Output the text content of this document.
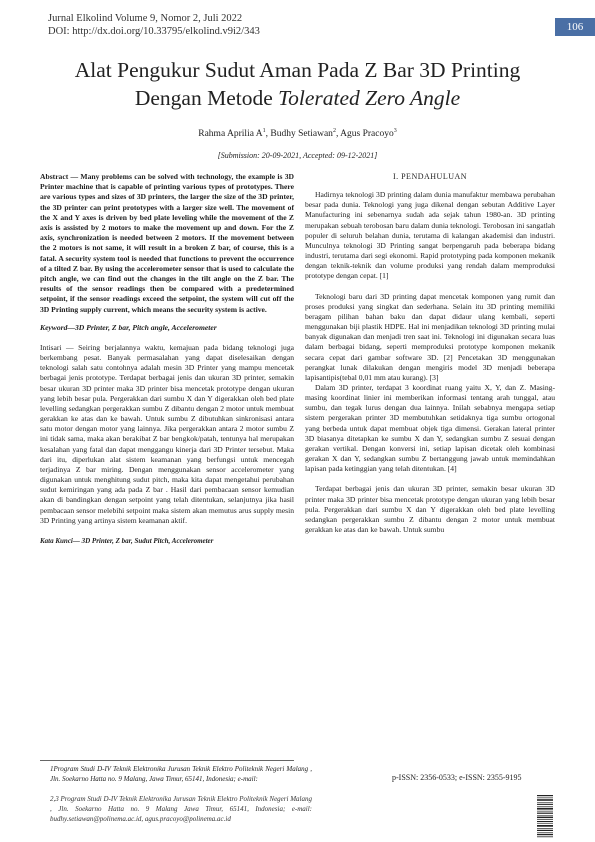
Jurnal Elkolind Volume 9, Nomor 2, Juli 2022
DOI: http://dx.doi.org/10.33795/elkolind.v9i2/343	106
Alat Pengukur Sudut Aman Pada Z Bar 3D Printing
Dengan Metode Tolerated Zero Angle
Rahma Aprilia $A^1$, Budhy Setiawan$^2$, Agus Pracoyo$^3$
[Submission: 20-09-2021, Accepted: 09-12-2021]
Abstract — Many problems can be solved with technology, the example is 3D Printer machine that is capable of printing various types of prototypes. There are various types and sizes of 3D printers, the larger the size of the 3D printer, the 3D printer can print prototypes with a larger size well. The movement of the X and Y axes is driven by bed plate leveling while the movement of the Z axis is assisted by 2 motors to make the movement up and down. For the Z axis, synchronization is needed between 2 motors. If the movement between the 2 motors is not same, it will result in a broken Z bar, of course, this is a fatal. A security system tool is needed that functions to prevent the occurrence of a tilted Z bar. By using the accelerometer sensor that is used to calculate the pitch angle, we can find out the changes in the tilt angle on the Z bar. The results of the sensor readings then be compared with a predetermined setpoint, if the sensor readings exceed the setpoint, the system will cut off the 3D Printing supply current, which means the security system is active.
Keyword—3D Printer, Z bar, Pitch angle, Accelerometer

Intisari — Seiring berjalannya waktu, kemajuan pada bidang teknologi juga berkembang pesat. Banyak permasalahan yang dapat diselesaikan dengan teknologi salah satu contohnya adalah mesin 3D Printer yang mampu mencetak berbagai jenis prototype. Terdapat berbagai jenis dan ukuran 3D printer, semakin besar ukuran 3D printer maka 3D printer bisa mencetak prototype dengan ukuran yang lebih besar pula. Pergerakkan dari sumbu X dan Y digerakkan oleh bed plate levelling sedangkan pergerakkan sumbu Z dibantu dengan 2 motor untuk membuat gerakkan ke atas dan ke bawah. Untuk sumbu Z dibutuhkan sinkronisasi antara satu motor dengan motor yang lainnya. Jika pergerakkan antara 2 motor sumbu Z ini tidak sama, maka akan berakibat Z bar bengkok/patah, tentunya hal merupakan kesalahan yang fatal dan dapat menggangu kinerja dari 3D Printer tersebut. Maka dari itu, diperlukan alat sistem keamanan yang berfungsi untuk mencegah terjadinya Z bar miring. Dengan menggunakan sensor accelerometer yang digunakan untuk menghitung sudut pitch, maka kita dapat mengetahui perubahan sudut kemiringan yang ada pada Z bar . Hasil dari pembacaan sensor kemudian akan di bandingkan dengan setpoint yang telah ditentukan, selanjutnya jika hasil pembacaan sensor melebihi setpoint maka sistem akan memutus arus supply mesin 3D Printing yang artinya sistem keamanan aktif.

Kata Kunci— 3D Printer, Z bar, Sudut Pitch, Accelerometer
I. PENDAHULUAN

Hadirnya teknologi 3D printing dalam dunia manufaktur membawa perubahan besar pada dunia. Teknologi yang juga dikenal dengan sebutan Additive Layer Manufacturing ini sebenarnya sudah ada sejak tahun 1980-an. 3D printing merupakan sebuah terobosan baru dalam dunia teknologi. Terobosan ini sangatlah populer di seluruh belahan dunia, terutama di kalangan akademisi dan industri. Munculnya teknologi 3D Printing sangat berpengaruh pada beberapa bidang industri, terutama dari segi ekonomi. Rapid prototyping pada komponen mekanik dengan teknik-teknik dan volume produksi yang rendah dalam memproduksi prototype dengan cepat. [1]

Teknologi baru dari 3D printing dapat mencetak komponen yang rumit dan proses produksi yang singkat dan sederhana. Selain itu 3D printing memiliki beragam pilihan bahan baku dan dapat didaur ulang kembali, seperti menggunakan biji plastik HDPE. Hal ini menjadikan teknologi 3D printing mulai banyak digunakan dan menjadi tren saat ini. Teknologi ini digunakan secara luas dalam berbagai bidang, seperti memproduksi prototype komponen mekanik secara cepat dari gambar software 3D. [2] Pencetakan 3D menggunakan perangkat lunak dilakukan dengan mengiris model 3D menjadi beberapa lapisantipis(tebal 0,01 mm atau kurang). [3]

Dalam 3D printer, terdapat 3 koordinat ruang yaitu X, Y, dan Z. Masing-masing koordinat linier ini memberikan informasi tentang arah tunggal, atau sumbu, dan tegak lurus dengan dua lainnya. Inilah sebabnya mengapa setiap sistem pergerakan printer 3D membutuhkan setidaknya tiga sumbu ortogonal yang berbeda untuk dapat membuat objek tiga dimensi. Gerakan lateral printer 3D biasanya ditetapkan ke sumbu X dan Y, sedangkan sumbu Z sesuai dengan gerakan vertikal. Dengan konversi ini, setiap lapisan dicetak oleh kombinasi gerakan X dan Y, sedangkan sumbu Z bertanggung jawab untuk memindahkan lapisan pada ketinggian yang telah ditentukan. [4]

Terdapat berbagai jenis dan ukuran 3D printer, semakin besar ukuran 3D printer maka 3D printer bisa mencetak prototype dengan ukuran yang lebih besar pula. Pergerakkan dari sumbu X dan Y digerakkan oleh bed plate levelling sedangkan pergerakkan sumbu Z dibantu dengan 2 motor untuk membuat gerakkan ke atas dan ke bawah. Untuk sumbu

1Program Studi D-IV Teknik Elektronika Jurusan Teknik Elektro Politeknik Negeri Malang , Jln. Soekarno Hatta no. 9 Malang, Jawa Timur, 65141, Indonesia; e-mail:
2,3 Program Studi D-IV Teknik Elektronika Jurusan Teknik Elektro Politeknik Negeri Malang , Jln. Soekarno Hatta no. 9 Malang Jawa Timur, 65141, Indonesia; e-mail: budhy.setiawan@polinema.ac.id, agus.pracoyo@polinema.ac.id
p-ISSN: 2356-0533; e-ISSN: 2355-9195
